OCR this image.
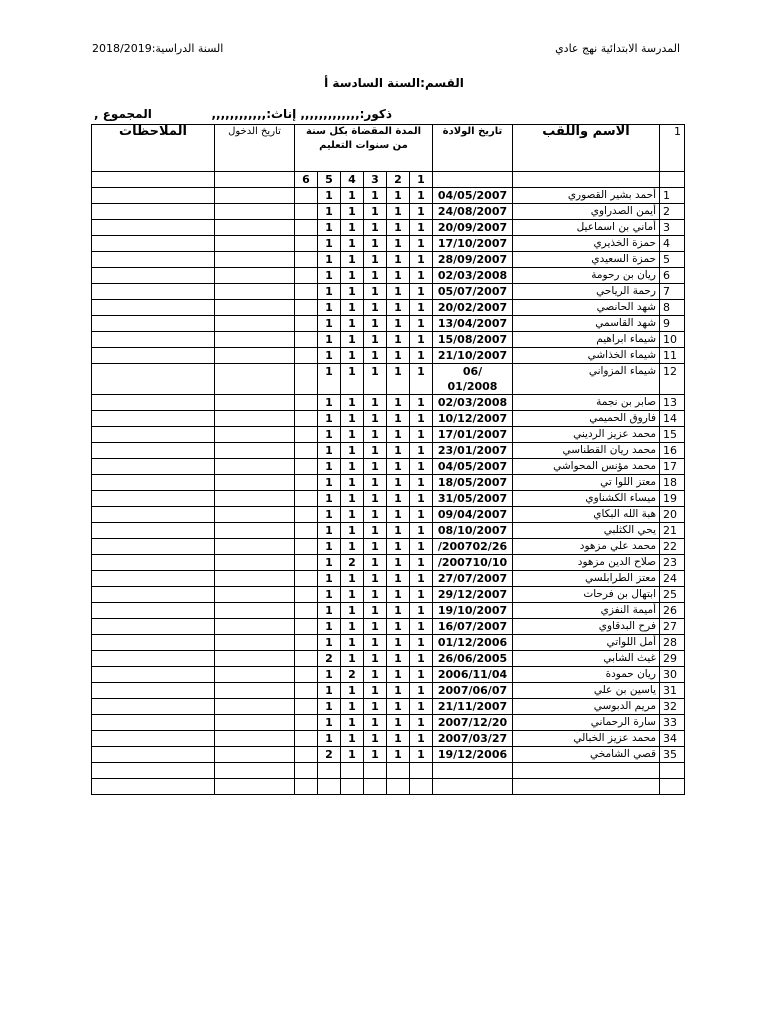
السنة الدراسية:2018/2019	المدرسة الابتدائية نهج عادي
القسم:السنة السادسة أ
ذكور:,,,,,,,,,,,,, إناث:,,,,,,,,,,,,
المجموع ,
الملاحظات	تاريخ الدخول	المدة المقضاة بكل سنة من سنوات التعليم						تاريخ الولادة	الاسم واللقب	1
		6	5	4	3	2	1			
			1	1	1	1	1	04/05/2007	أحمد بشير القصوري	1
			1	1	1	1	1	24/08/2007	أيمن الصدراوي	2
			1	1	1	1	1	20/09/2007	أماني بن اسماعيل	3
			1	1	1	1	1	17/10/2007	حمزة الخذيري	4
			1	1	1	1	1	28/09/2007	حمزة السعيدي	5
			1	1	1	1	1	02/03/2008	ريان بن رحومة	6
			1	1	1	1	1	05/07/2007	رحمة الرياحي	7
			1	1	1	1	1	20/02/2007	شهد الحانصي	8
			1	1	1	1	1	13/04/2007	شهد القاسمي	9
			1	1	1	1	1	15/08/2007	شيماء ابراهيم	10
			1	1	1	1	1	21/10/2007	شيماء الخذاشي	11
			1	1	1	1	1	06/ 01/2008	شيماء المزواني	12
			1	1	1	1	1	02/03/2008	صابر بن نجمة	13
			1	1	1	1	1	10/12/2007	فاروق الحميمي	14
			1	1	1	1	1	17/01/2007	محمد عزيز الرديني	15
			1	1	1	1	1	23/01/2007	محمد ريان القطناسي	16
			1	1	1	1	1	04/05/2007	محمد مؤنس المحواشي	17
			1	1	1	1	1	18/05/2007	معتز اللوا تي	18
			1	1	1	1	1	31/05/2007	ميساء الكشناوي	19
			1	1	1	1	1	09/04/2007	هبة الله البكاي	20
			1	1	1	1	1	08/10/2007	يحي الكثلبي	21
			1	1	1	1	1	/200702/26	محمد علي مزهود	22
			1	2	1	1	1	/200710/10	صلاح الدين مزهود	23
			1	1	1	1	1	27/07/2007	معتز الطرابلسي	24
			1	1	1	1	1	29/12/2007	ابتهال بن فرحات	25
			1	1	1	1	1	19/10/2007	أميمة النفزي	26
			1	1	1	1	1	16/07/2007	فرح البدقاوي	27
			1	1	1	1	1	01/12/2006	أمل اللواتي	28
			2	1	1	1	1	26/06/2005	غيث الشابي	29
			1	2	1	1	1	2006/11/04	ريان حمودة	30
			1	1	1	1	1	2007/06/07	ياسين بن علي	31
			1	1	1	1	1	21/11/2007	مريم الدبوسي	32
			1	1	1	1	1	2007/12/20	سارة الرحماني	33
			1	1	1	1	1	2007/03/27	محمد عزيز الخبالي	34
			2	1	1	1	1	19/12/2006	قصي الشامخي	35
